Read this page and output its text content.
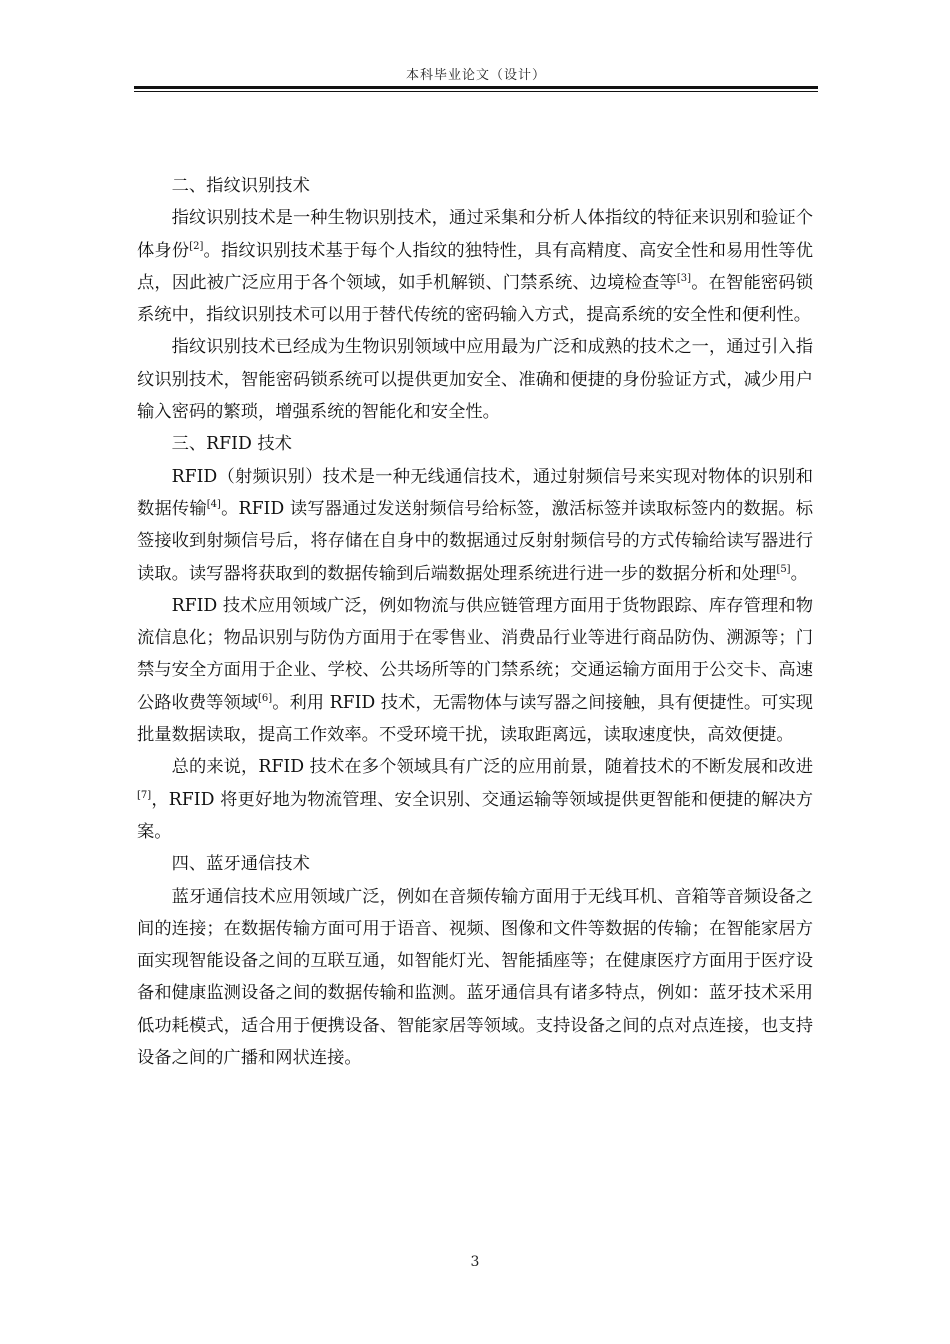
本科毕业论文（设计）

二、指纹识别技术

指纹识别技术是一种生物识别技术，通过采集和分析人体指纹的特征来识别和验证个体身份[2]。指纹识别技术基于每个人指纹的独特性，具有高精度、高安全性和易用性等优点，因此被广泛应用于各个领域，如手机解锁、门禁系统、边境检查等[3]。在智能密码锁系统中，指纹识别技术可以用于替代传统的密码输入方式，提高系统的安全性和便利性。

指纹识别技术已经成为生物识别领域中应用最为广泛和成熟的技术之一，通过引入指纹识别技术，智能密码锁系统可以提供更加安全、准确和便捷的身份验证方式，减少用户输入密码的繁琐，增强系统的智能化和安全性。

三、RFID 技术

RFID（射频识别）技术是一种无线通信技术，通过射频信号来实现对物体的识别和数据传输[4]。RFID 读写器通过发送射频信号给标签，激活标签并读取标签内的数据。标签接收到射频信号后，将存储在自身中的数据通过反射射频信号的方式传输给读写器进行读取。读写器将获取到的数据传输到后端数据处理系统进行进一步的数据分析和处理[5]。

RFID 技术应用领域广泛，例如物流与供应链管理方面用于货物跟踪、库存管理和物流信息化；物品识别与防伪方面用于在零售业、消费品行业等进行商品防伪、溯源等；门禁与安全方面用于企业、学校、公共场所等的门禁系统；交通运输方面用于公交卡、高速公路收费等领域[6]。利用 RFID 技术，无需物体与读写器之间接触，具有便捷性。可实现批量数据读取，提高工作效率。不受环境干扰，读取距离远，读取速度快，高效便捷。

总的来说，RFID 技术在多个领域具有广泛的应用前景，随着技术的不断发展和改进[7]，RFID 将更好地为物流管理、安全识别、交通运输等领域提供更智能和便捷的解决方案。

四、蓝牙通信技术

蓝牙通信技术应用领域广泛，例如在音频传输方面用于无线耳机、音箱等音频设备之间的连接；在数据传输方面可用于语音、视频、图像和文件等数据的传输；在智能家居方面实现智能设备之间的互联互通，如智能灯光、智能插座等；在健康医疗方面用于医疗设备和健康监测设备之间的数据传输和监测。蓝牙通信具有诸多特点，例如：蓝牙技术采用低功耗模式，适合用于便携设备、智能家居等领域。支持设备之间的点对点连接，也支持设备之间的广播和网状连接。

3
